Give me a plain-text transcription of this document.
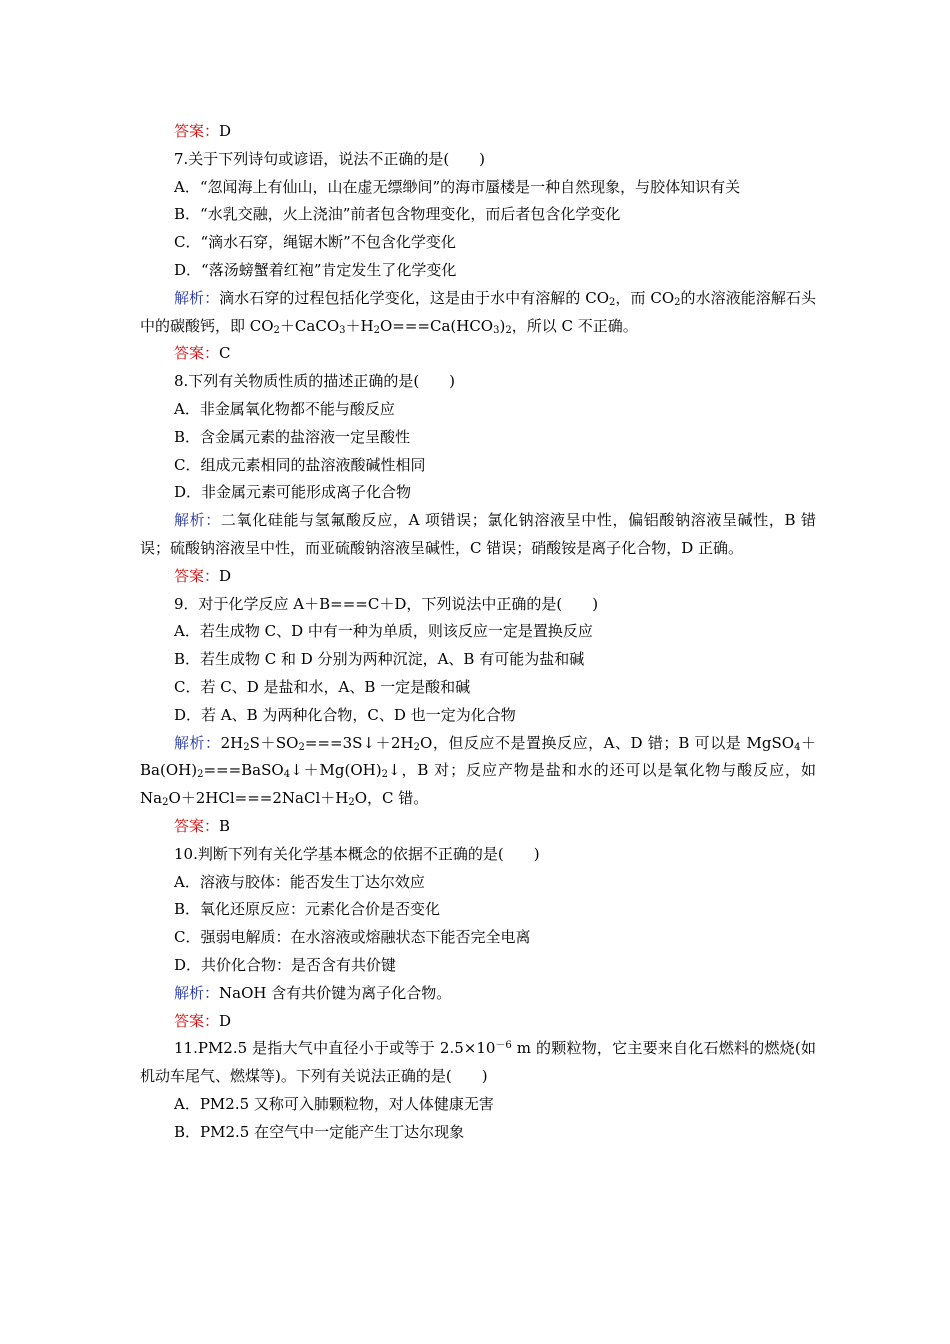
答案：D

7.关于下列诗句或谚语，说法不正确的是(　　)

A．“忽闻海上有仙山，山在虚无缥缈间”的海市蜃楼是一种自然现象，与胶体知识有关

B．“水乳交融，火上浇油”前者包含物理变化，而后者包含化学变化

C．“滴水石穿，绳锯木断”不包含化学变化

D．“落汤螃蟹着红袍”肯定发生了化学变化

解析：滴水石穿的过程包括化学变化，这是由于水中有溶解的 $CO_2$，而 $CO_2$的水溶液能溶解石头中的碳酸钙，即 $CO_2+CaCO_3+H_2O===Ca(HCO_3)_2$，所以 C 不正确。

答案：C

8.下列有关物质性质的描述正确的是(　　)

A．非金属氧化物都不能与酸反应

B．含金属元素的盐溶液一定呈酸性

C．组成元素相同的盐溶液酸碱性相同

D．非金属元素可能形成离子化合物

解析：二氧化硅能与氢氟酸反应，A 项错误；氯化钠溶液呈中性，偏铝酸钠溶液呈碱性，B 错误；硫酸钠溶液呈中性，而亚硫酸钠溶液呈碱性，C 错误；硝酸铵是离子化合物，D 正确。

答案：D

9．对于化学反应 A＋B===C＋D，下列说法中正确的是(　　)

A．若生成物 C、D 中有一种为单质，则该反应一定是置换反应

B．若生成物 C 和 D 分别为两种沉淀，A、B 有可能为盐和碱

C．若 C、D 是盐和水，A、B 一定是酸和碱

D．若 A、B 为两种化合物，C、D 也一定为化合物

解析：$2H_2S+SO_2===3S↓+2H_2O$，但反应不是置换反应，A、D 错；B 可以是 $MgSO_4+Ba(OH)_2===BaSO_4↓+Mg(OH)_2↓$，B 对；反应产物是盐和水的还可以是氧化物与酸反应，如 $Na_2O+2HCl===2NaCl+H_2O$，C 错。

答案：B

10.判断下列有关化学基本概念的依据不正确的是(　　)

A．溶液与胶体：能否发生丁达尔效应

B．氧化还原反应：元素化合价是否变化

C．强弱电解质：在水溶液或熔融状态下能否完全电离

D．共价化合物：是否含有共价键

解析：NaOH 含有共价键为离子化合物。

答案：D

11.PM2.5 是指大气中直径小于或等于 $2.5\times 10^{-6}$ m 的颗粒物，它主要来自化石燃料的燃烧(如机动车尾气、燃煤等)。下列有关说法正确的是(　　)

A．PM2.5 又称可入肺颗粒物，对人体健康无害

B．PM2.5 在空气中一定能产生丁达尔现象
